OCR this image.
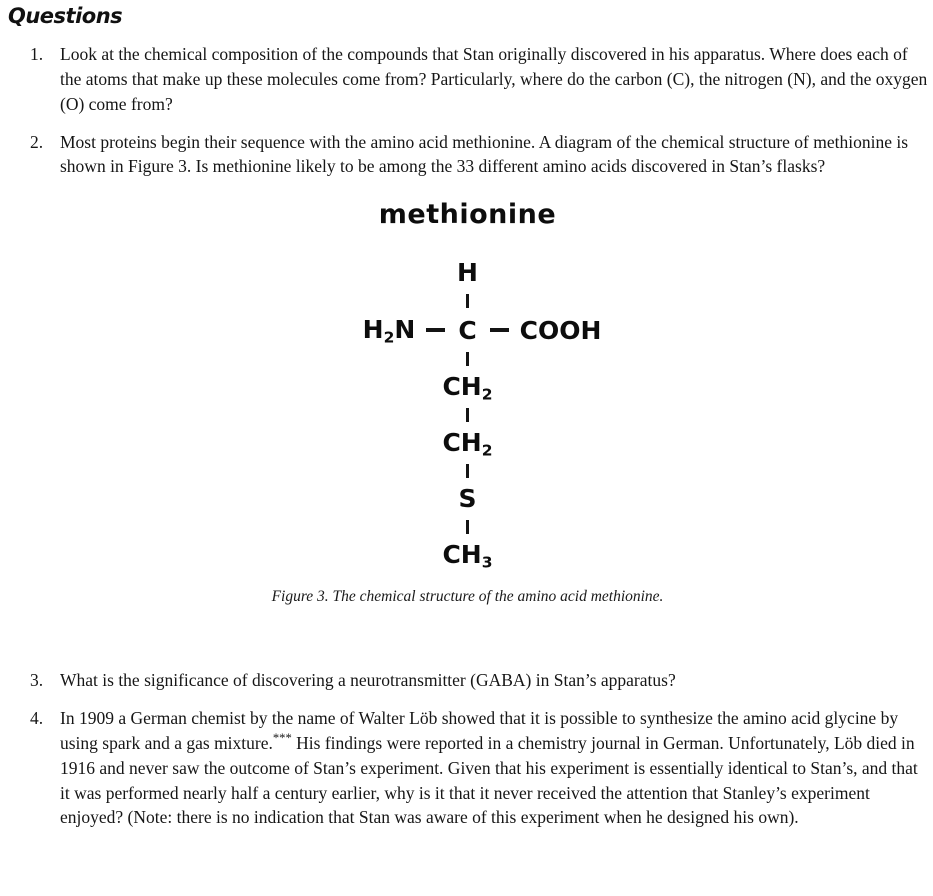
Questions
1. Look at the chemical composition of the compounds that Stan originally discovered in his apparatus. Where does each of the atoms that make up these molecules come from? Particularly, where do the carbon (C), the nitrogen (N), and the oxygen (O) come from?
2. Most proteins begin their sequence with the amino acid methionine. A diagram of the chemical structure of methionine is shown in Figure 3. Is methionine likely to be among the 33 different amino acids discovered in Stan’s flasks?
methionine
H
$H_2N$ C COOH
$CH_2$
$CH_2$
S
$CH_3$
Figure 3. The chemical structure of the amino acid methionine.
3. What is the significance of discovering a neurotransmitter (GABA) in Stan’s apparatus?
4. In 1909 a German chemist by the name of Walter Löb showed that it is possible to synthesize the amino acid glycine by using spark and a gas mixture.*** His findings were reported in a chemistry journal in German. Unfortunately, Löb died in 1916 and never saw the outcome of Stan’s experiment. Given that his experiment is essentially identical to Stan’s, and that it was performed nearly half a century earlier, why is it that it never received the attention that Stanley’s experiment enjoyed? (Note: there is no indication that Stan was aware of this experiment when he designed his own).
